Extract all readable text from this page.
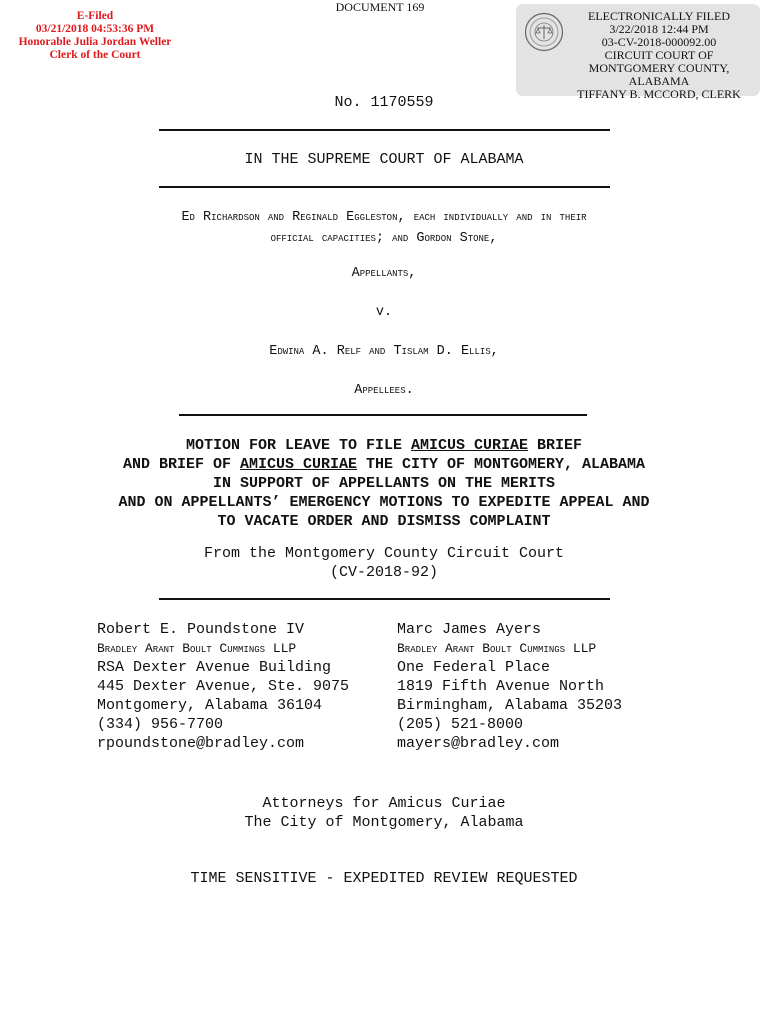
DOCUMENT 169
E-Filed
03/21/2018 04:53:36 PM
Honorable Julia Jordan Weller
Clerk of the Court
ELECTRONICALLY FILED
3/22/2018 12:44 PM
03-CV-2018-000092.00
CIRCUIT COURT OF
MONTGOMERY COUNTY, ALABAMA
TIFFANY B. MCCORD, CLERK
No. 1170559
IN THE SUPREME COURT OF ALABAMA
Ed Richardson and Reginald Eggleston, each individually and in their
official capacities; and Gordon Stone,
Appellants,
v.
Edwina A. Relf and Tislam D. Ellis,
Appellees.
MOTION FOR LEAVE TO FILE AMICUS CURIAE BRIEF
AND BRIEF OF AMICUS CURIAE THE CITY OF MONTGOMERY, ALABAMA
IN SUPPORT OF APPELLANTS ON THE MERITS
AND ON APPELLANTS’ EMERGENCY MOTIONS TO EXPEDITE APPEAL AND
TO VACATE ORDER AND DISMISS COMPLAINT
From the Montgomery County Circuit Court
(CV-2018-92)
Robert E. Poundstone IV
Bradley Arant Boult Cummings LLP
RSA Dexter Avenue Building
445 Dexter Avenue, Ste. 9075
Montgomery, Alabama 36104
(334) 956-7700
rpoundstone@bradley.com
Marc James Ayers
Bradley Arant Boult Cummings LLP
One Federal Place
1819 Fifth Avenue North
Birmingham, Alabama 35203
(205) 521-8000
mayers@bradley.com
Attorneys for Amicus Curiae
The City of Montgomery, Alabama
TIME SENSITIVE - EXPEDITED REVIEW REQUESTED
